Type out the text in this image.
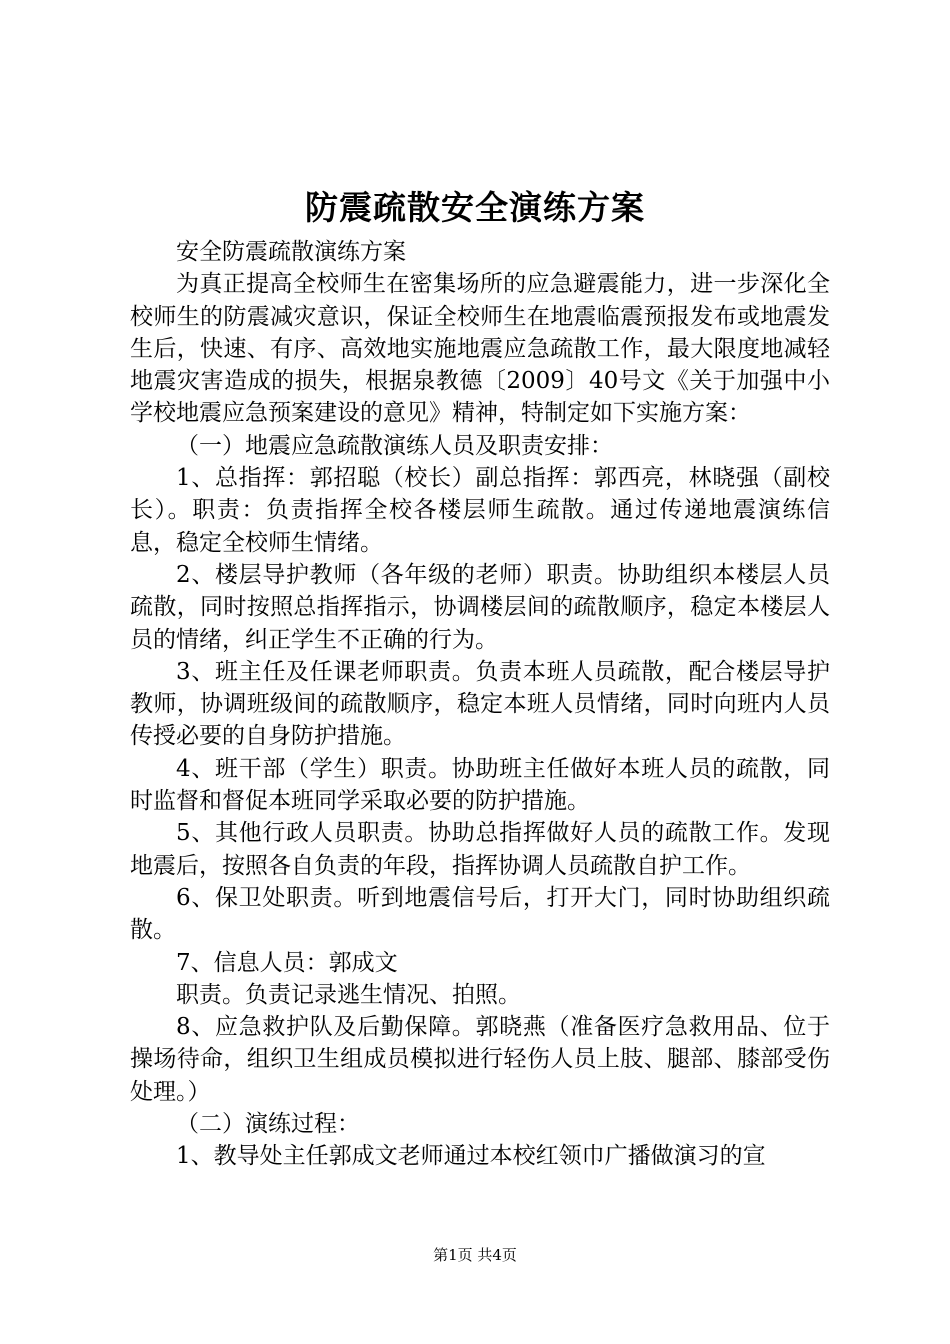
防震疏散安全演练方案

安全防震疏散演练方案

为真正提高全校师生在密集场所的应急避震能力，进一步深化全校师生的防震减灾意识，保证全校师生在地震临震预报发布或地震发生后，快速、有序、高效地实施地震应急疏散工作，最大限度地减轻地震灾害造成的损失，根据泉教德〔2009〕40号文《关于加强中小学校地震应急预案建设的意见》精神，特制定如下实施方案：

（一）地震应急疏散演练人员及职责安排：

1、总指挥：郭招聪（校长）副总指挥：郭西亮，林晓强（副校长）。职责：负责指挥全校各楼层师生疏散。通过传递地震演练信息，稳定全校师生情绪。

2、楼层导护教师（各年级的老师）职责。协助组织本楼层人员疏散，同时按照总指挥指示，协调楼层间的疏散顺序，稳定本楼层人员的情绪，纠正学生不正确的行为。

3、班主任及任课老师职责。负责本班人员疏散，配合楼层导护教师，协调班级间的疏散顺序，稳定本班人员情绪，同时向班内人员传授必要的自身防护措施。

4、班干部（学生）职责。协助班主任做好本班人员的疏散，同时监督和督促本班同学采取必要的防护措施。

5、其他行政人员职责。协助总指挥做好人员的疏散工作。发现地震后，按照各自负责的年段，指挥协调人员疏散自护工作。

6、保卫处职责。听到地震信号后，打开大门，同时协助组织疏散。

7、信息人员：郭成文

职责。负责记录逃生情况、拍照。

8、应急救护队及后勤保障。郭晓燕（准备医疗急救用品、位于操场待命，组织卫生组成员模拟进行轻伤人员上肢、腿部、膝部受伤处理。）

（二）演练过程：

1、教导处主任郭成文老师通过本校红领巾广播做演习的宣

第1页 共4页
